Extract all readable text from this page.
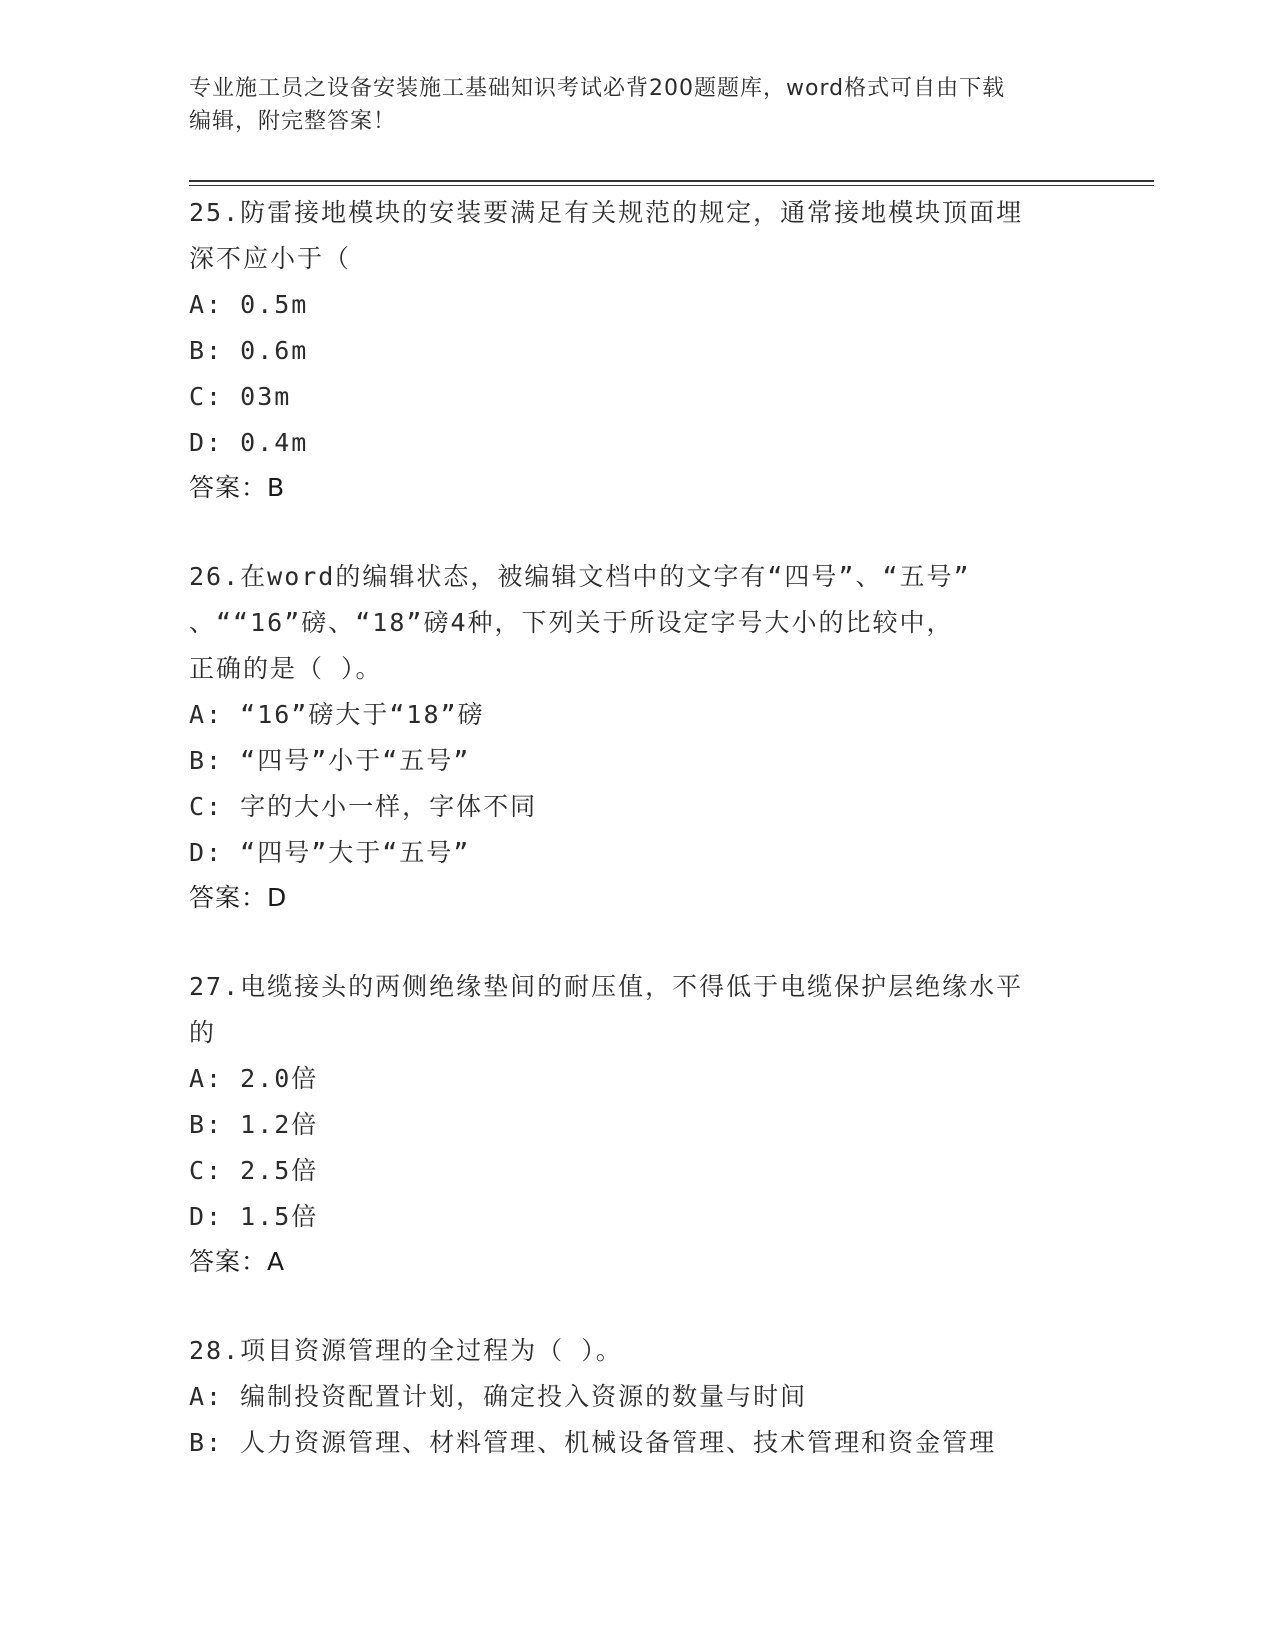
专业施工员之设备安装施工基础知识考试必背200题题库，word格式可自由下载
编辑，附完整答案！
25.防雷接地模块的安装要满足有关规范的规定，通常接地模块顶面埋
深不应小于（
A: 0.5m
B: 0.6m
C: 03m
D: 0.4m
答案：B
26.在word的编辑状态，被编辑文档中的文字有“四号”、“五号”
、““16”磅、“18”磅4种，下列关于所设定字号大小的比较中，
正确的是（ ）。
A: “16”磅大于“18”磅
B: “四号”小于“五号”
C: 字的大小一样，字体不同
D: “四号”大于“五号”
答案：D
27.电缆接头的两侧绝缘垫间的耐压值，不得低于电缆保护层绝缘水平
的
A: 2.0倍
B: 1.2倍
C: 2.5倍
D: 1.5倍
答案：A
28.项目资源管理的全过程为（ ）。
A: 编制投资配置计划，确定投入资源的数量与时间
B: 人力资源管理、材料管理、机械设备管理、技术管理和资金管理
